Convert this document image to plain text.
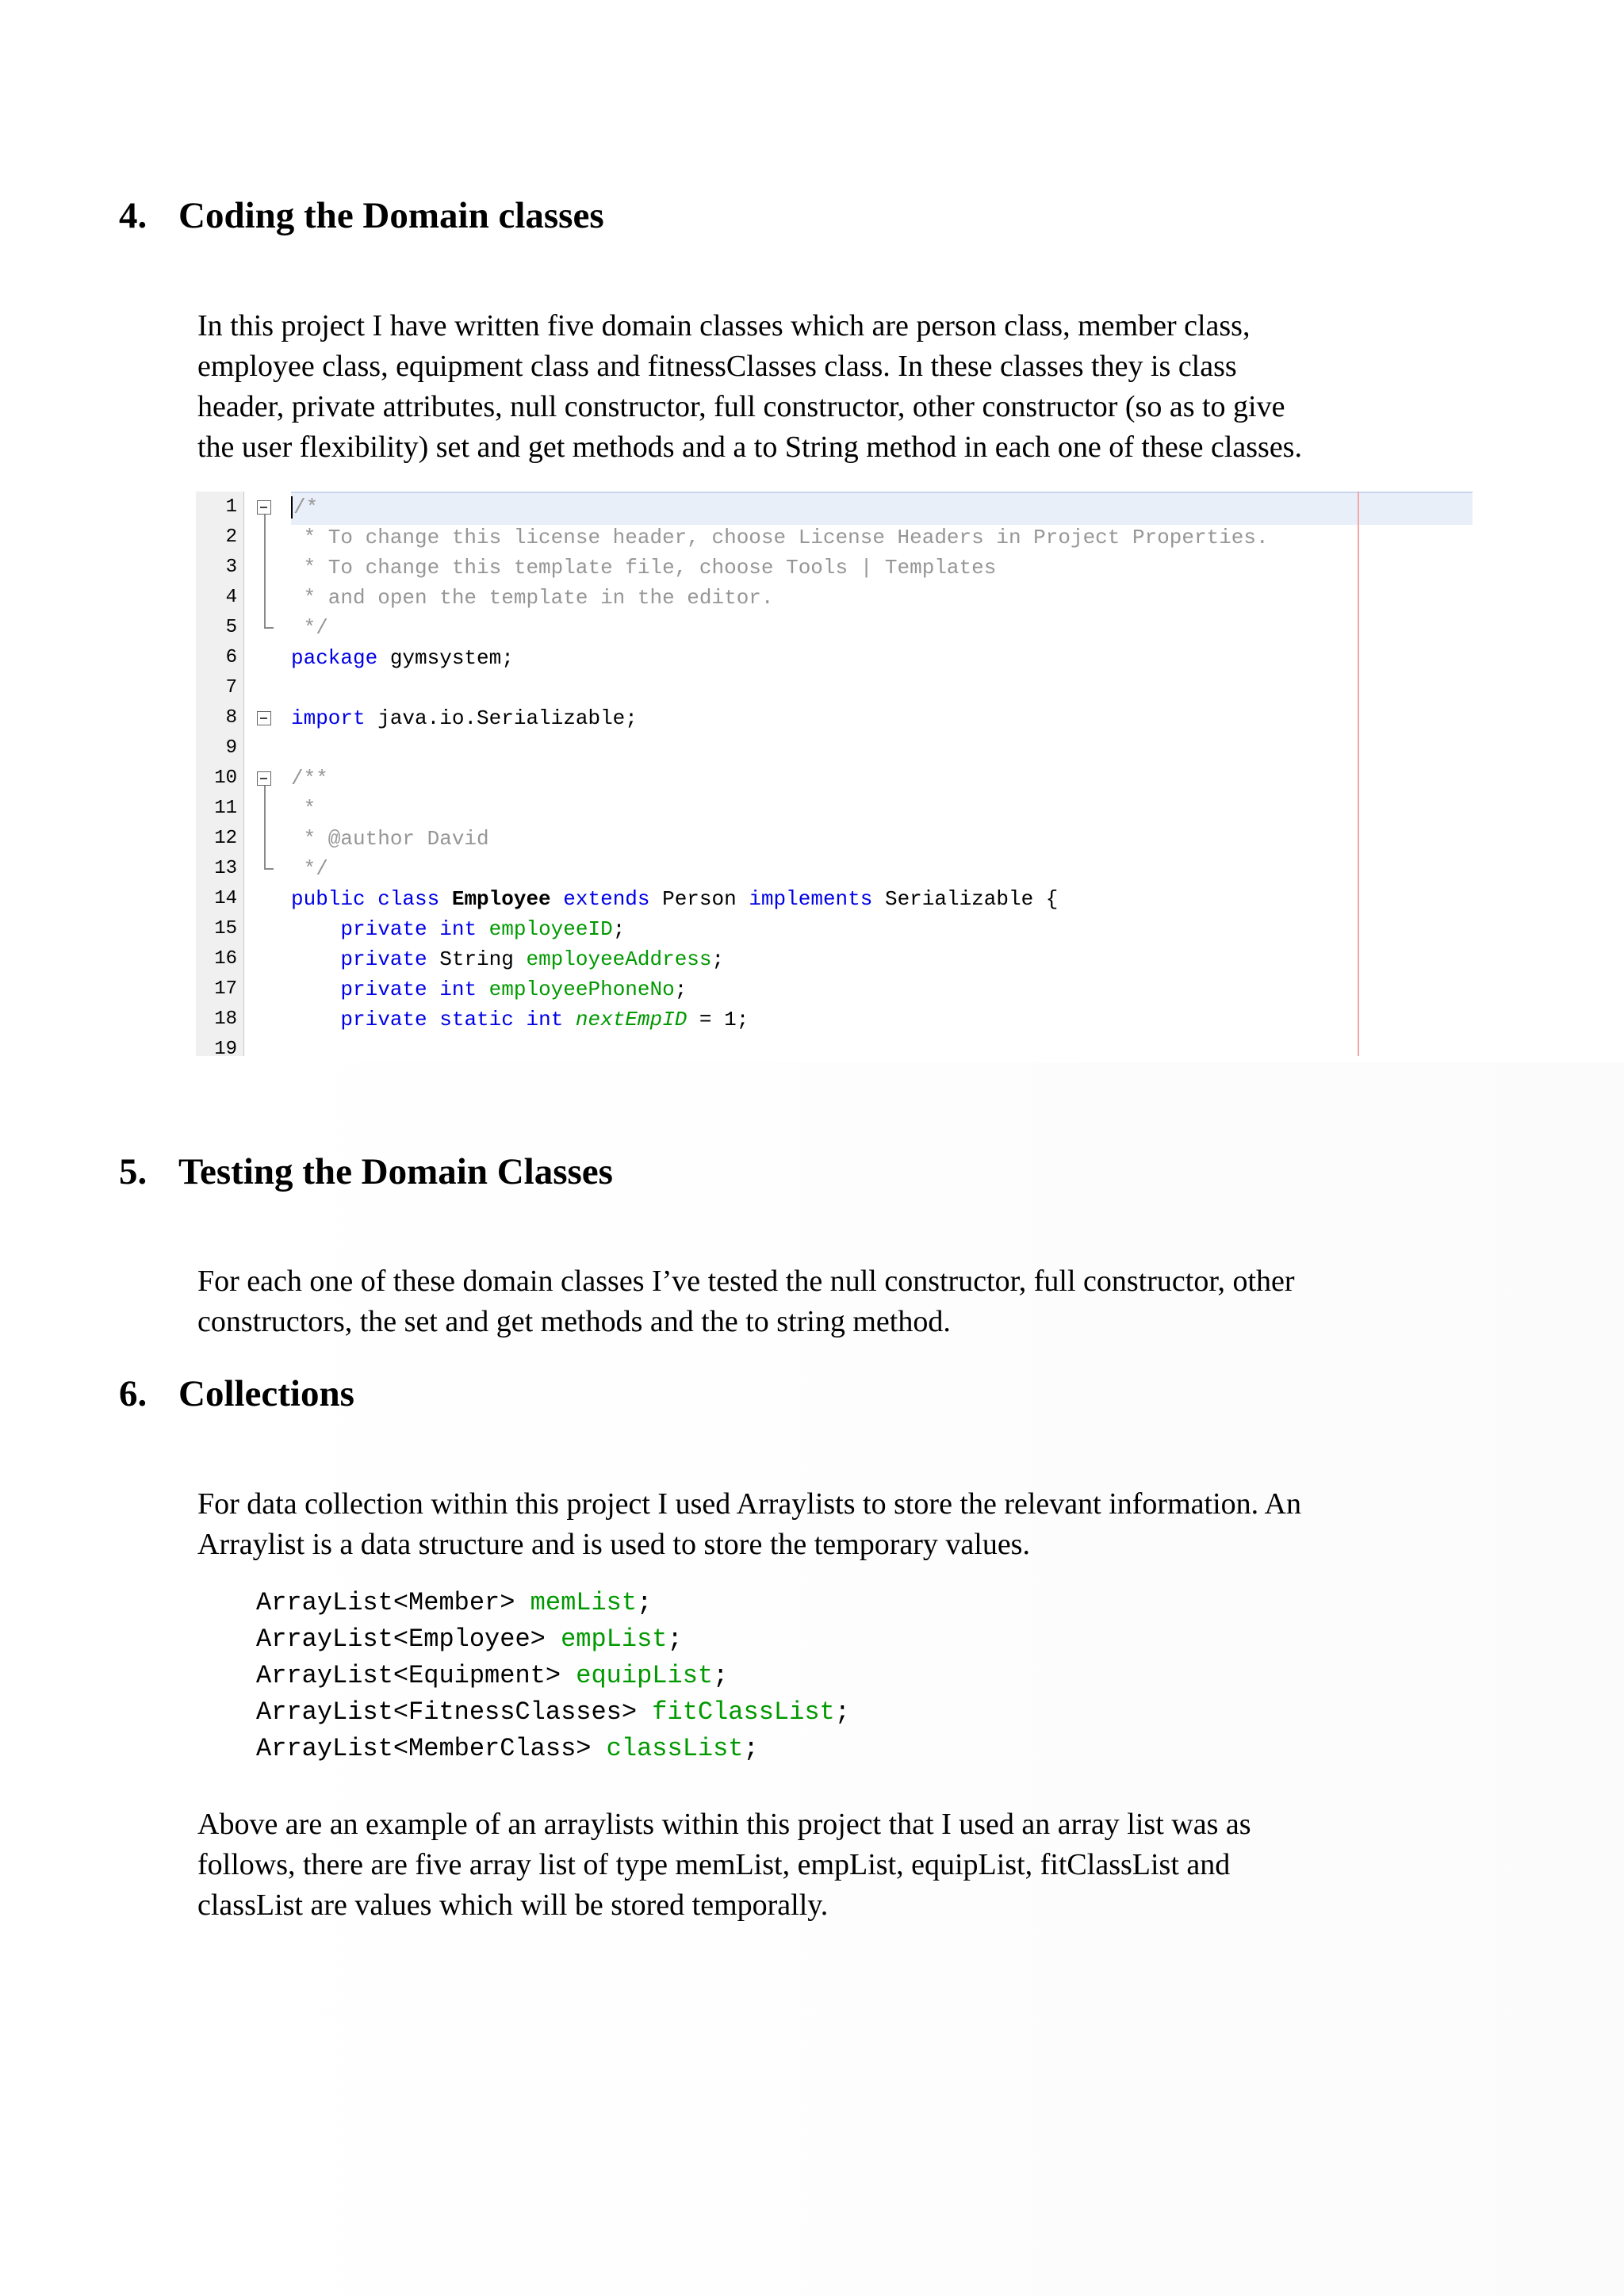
4. Coding the Domain classes
In this project I have written five domain classes which are person class, member class,
employee class, equipment class and fitnessClasses class. In these classes they is class
header, private attributes, null constructor, full constructor, other constructor (so as to give
the user flexibility) set and get methods and a to String method in each one of these classes.
1	/*
2	* To change this license header, choose License Headers in Project Properties.
3	* To change this template file, choose Tools | Templates
4	* and open the template in the editor.
5	*/
6	package gymsystem;
7
8	import java.io.Serializable;
9
10	/**
11	*
12	* @author David
13	*/
14	public class Employee extends Person implements Serializable {
15	private int employeeID;
16	private String employeeAddress;
17	private int employeePhoneNo;
18	private static int nextEmpID = 1;
19
5. Testing the Domain Classes
For each one of these domain classes I’ve tested the null constructor, full constructor, other
constructors, the set and get methods and the to string method.
6. Collections
For data collection within this project I used Arraylists to store the relevant information. An
Arraylist is a data structure and is used to store the temporary values.
ArrayList<Member> memList;
ArrayList<Employee> empList;
ArrayList<Equipment> equipList;
ArrayList<FitnessClasses> fitClassList;
ArrayList<MemberClass> classList;
Above are an example of an arraylists within this project that I used an array list was as
follows, there are five array list of type memList, empList, equipList, fitClassList and
classList are values which will be stored temporally.
